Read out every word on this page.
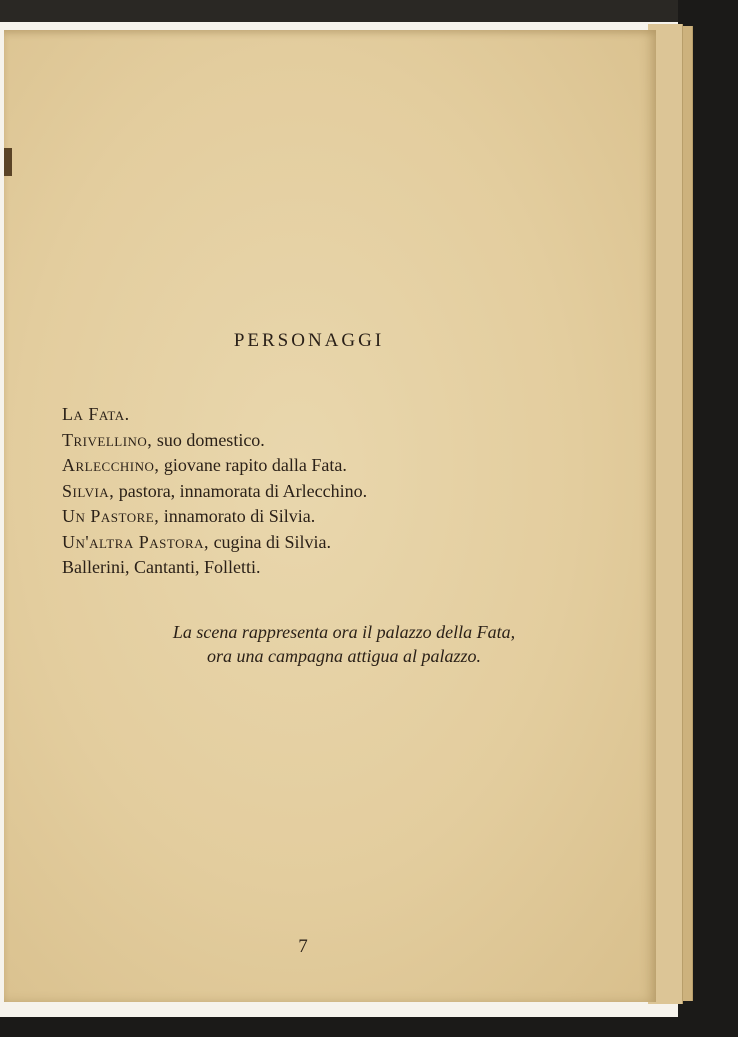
PERSONAGGI
La Fata.
Trivellino, suo domestico.
Arlecchino, giovane rapito dalla Fata.
Silvia, pastora, innamorata di Arlecchino.
Un Pastore, innamorato di Silvia.
Un'altra Pastora, cugina di Silvia.
Ballerini, Cantanti, Folletti.
La scena rappresenta ora il palazzo della Fata,
ora una campagna attigua al palazzo.
7
